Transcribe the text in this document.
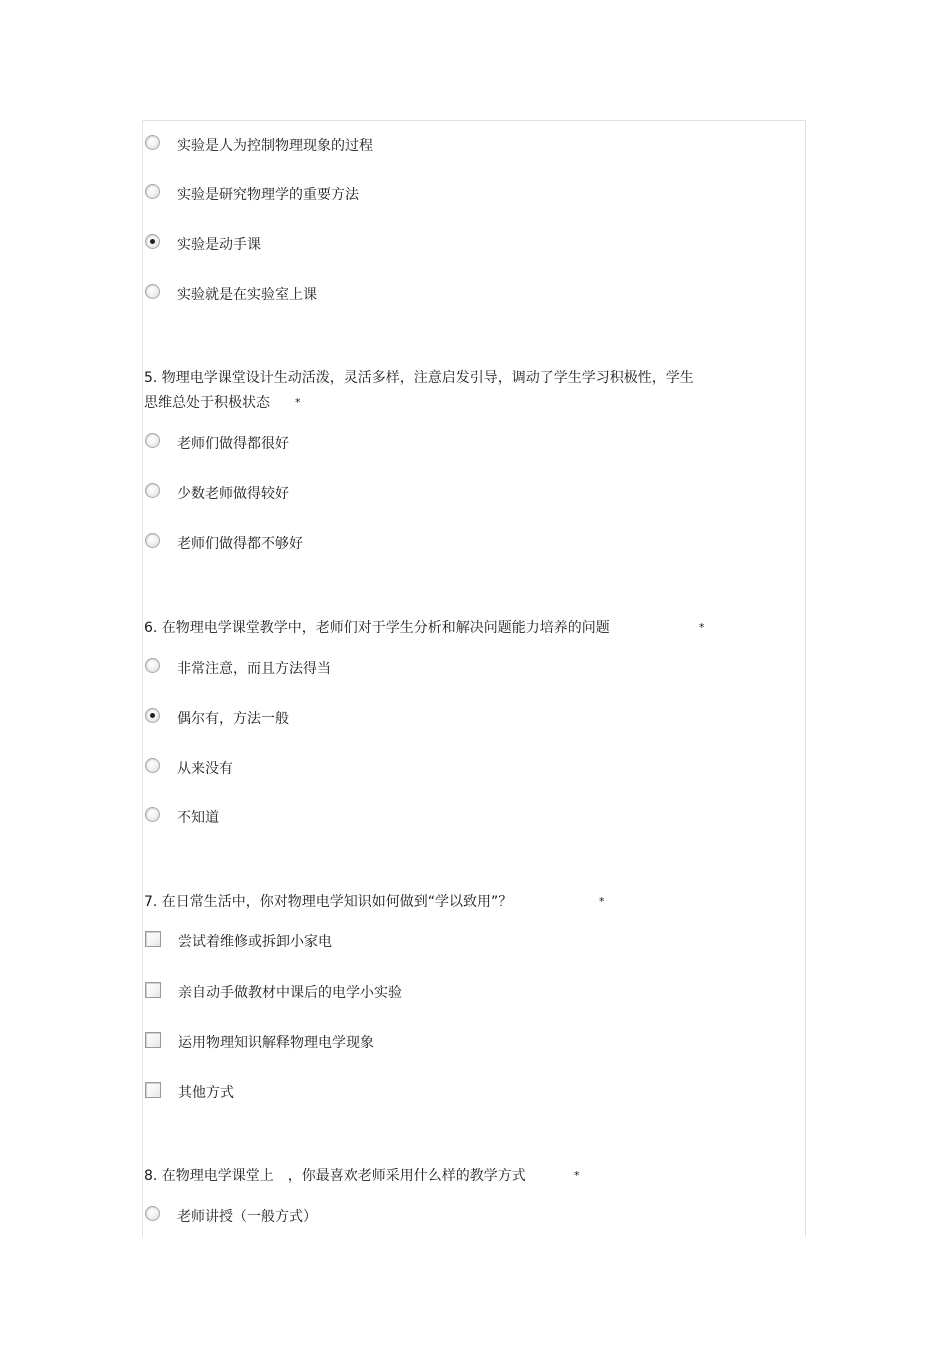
实验是人为控制物理现象的过程
实验是研究物理学的重要方法
实验是动手课
实验就是在实验室上课
5. 物理电学课堂设计生动活泼，灵活多样，注意启发引导，调动了学生学习积极性，学生
思维总处于积极状态 *
老师们做得都很好
少数老师做得较好
老师们做得都不够好
6. 在物理电学课堂教学中，老师们对于学生分析和解决问题能力培养的问题	*
非常注意，而且方法得当
偶尔有，方法一般
从来没有
不知道
7. 在日常生活中，你对物理电学知识如何做到“学以致用”？	*
尝试着维修或拆卸小家电
亲自动手做教材中课后的电学小实验
运用物理知识解释物理电学现象
其他方式
8. 在物理电学课堂上　，你最喜欢老师采用什么样的教学方式	*
老师讲授（一般方式）
